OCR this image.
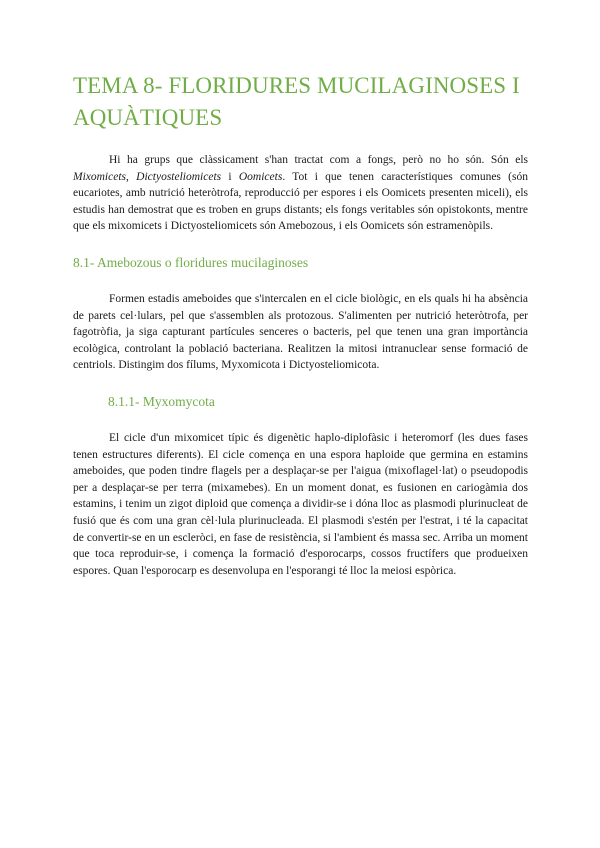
TEMA 8- FLORIDURES MUCILAGINOSES I AQUÀTIQUES

Hi ha grups que clàssicament s'han tractat com a fongs, però no ho són. Són els Mixomicets, Dictyosteliomicets i Oomicets. Tot i que tenen característiques comunes (són eucariotes, amb nutrició heteròtrofa, reproducció per espores i els Oomicets presenten miceli), els estudis han demostrat que es troben en grups distants; els fongs veritables són opistokonts, mentre que els mixomicets i Dictyosteliomicets són Amebozous, i els Oomicets són estramenòpils.

8.1- Amebozous o floridures mucilaginoses

Formen estadis ameboides que s'intercalen en el cicle biològic, en els quals hi ha absència de parets cel·lulars, pel que s'assemblen als protozous. S'alimenten per nutrició heteròtrofa, per fagotròfia, ja siga capturant partícules senceres o bacteris, pel que tenen una gran importància ecològica, controlant la població bacteriana. Realitzen la mitosi intranuclear sense formació de centriols. Distingim dos fílums, Myxomicota i Dictyosteliomicota.

8.1.1- Myxomycota

El cicle d'un mixomicet típic és digenètic haplo-diplofàsic i heteromorf (les dues fases tenen estructures diferents). El cicle comença en una espora haploide que germina en estamins ameboides, que poden tindre flagels per a desplaçar-se per l'aigua (mixoflagel·lat) o pseudopodis per a desplaçar-se per terra (mixamebes). En un moment donat, es fusionen en cariogàmia dos estamins, i tenim un zigot diploid que comença a dividir-se i dóna lloc as plasmodi plurinucleat de fusió que és com una gran cèl·lula plurinucleada. El plasmodi s'estén per l'estrat, i té la capacitat de convertir-se en un escleròci, en fase de resistència, si l'ambient és massa sec. Arriba un moment que toca reproduir-se, i comença la formació d'esporocarps, cossos fructífers que produeixen espores. Quan l'esporocarp es desenvolupa en l'esporangi té lloc la meiosi espòrica.
